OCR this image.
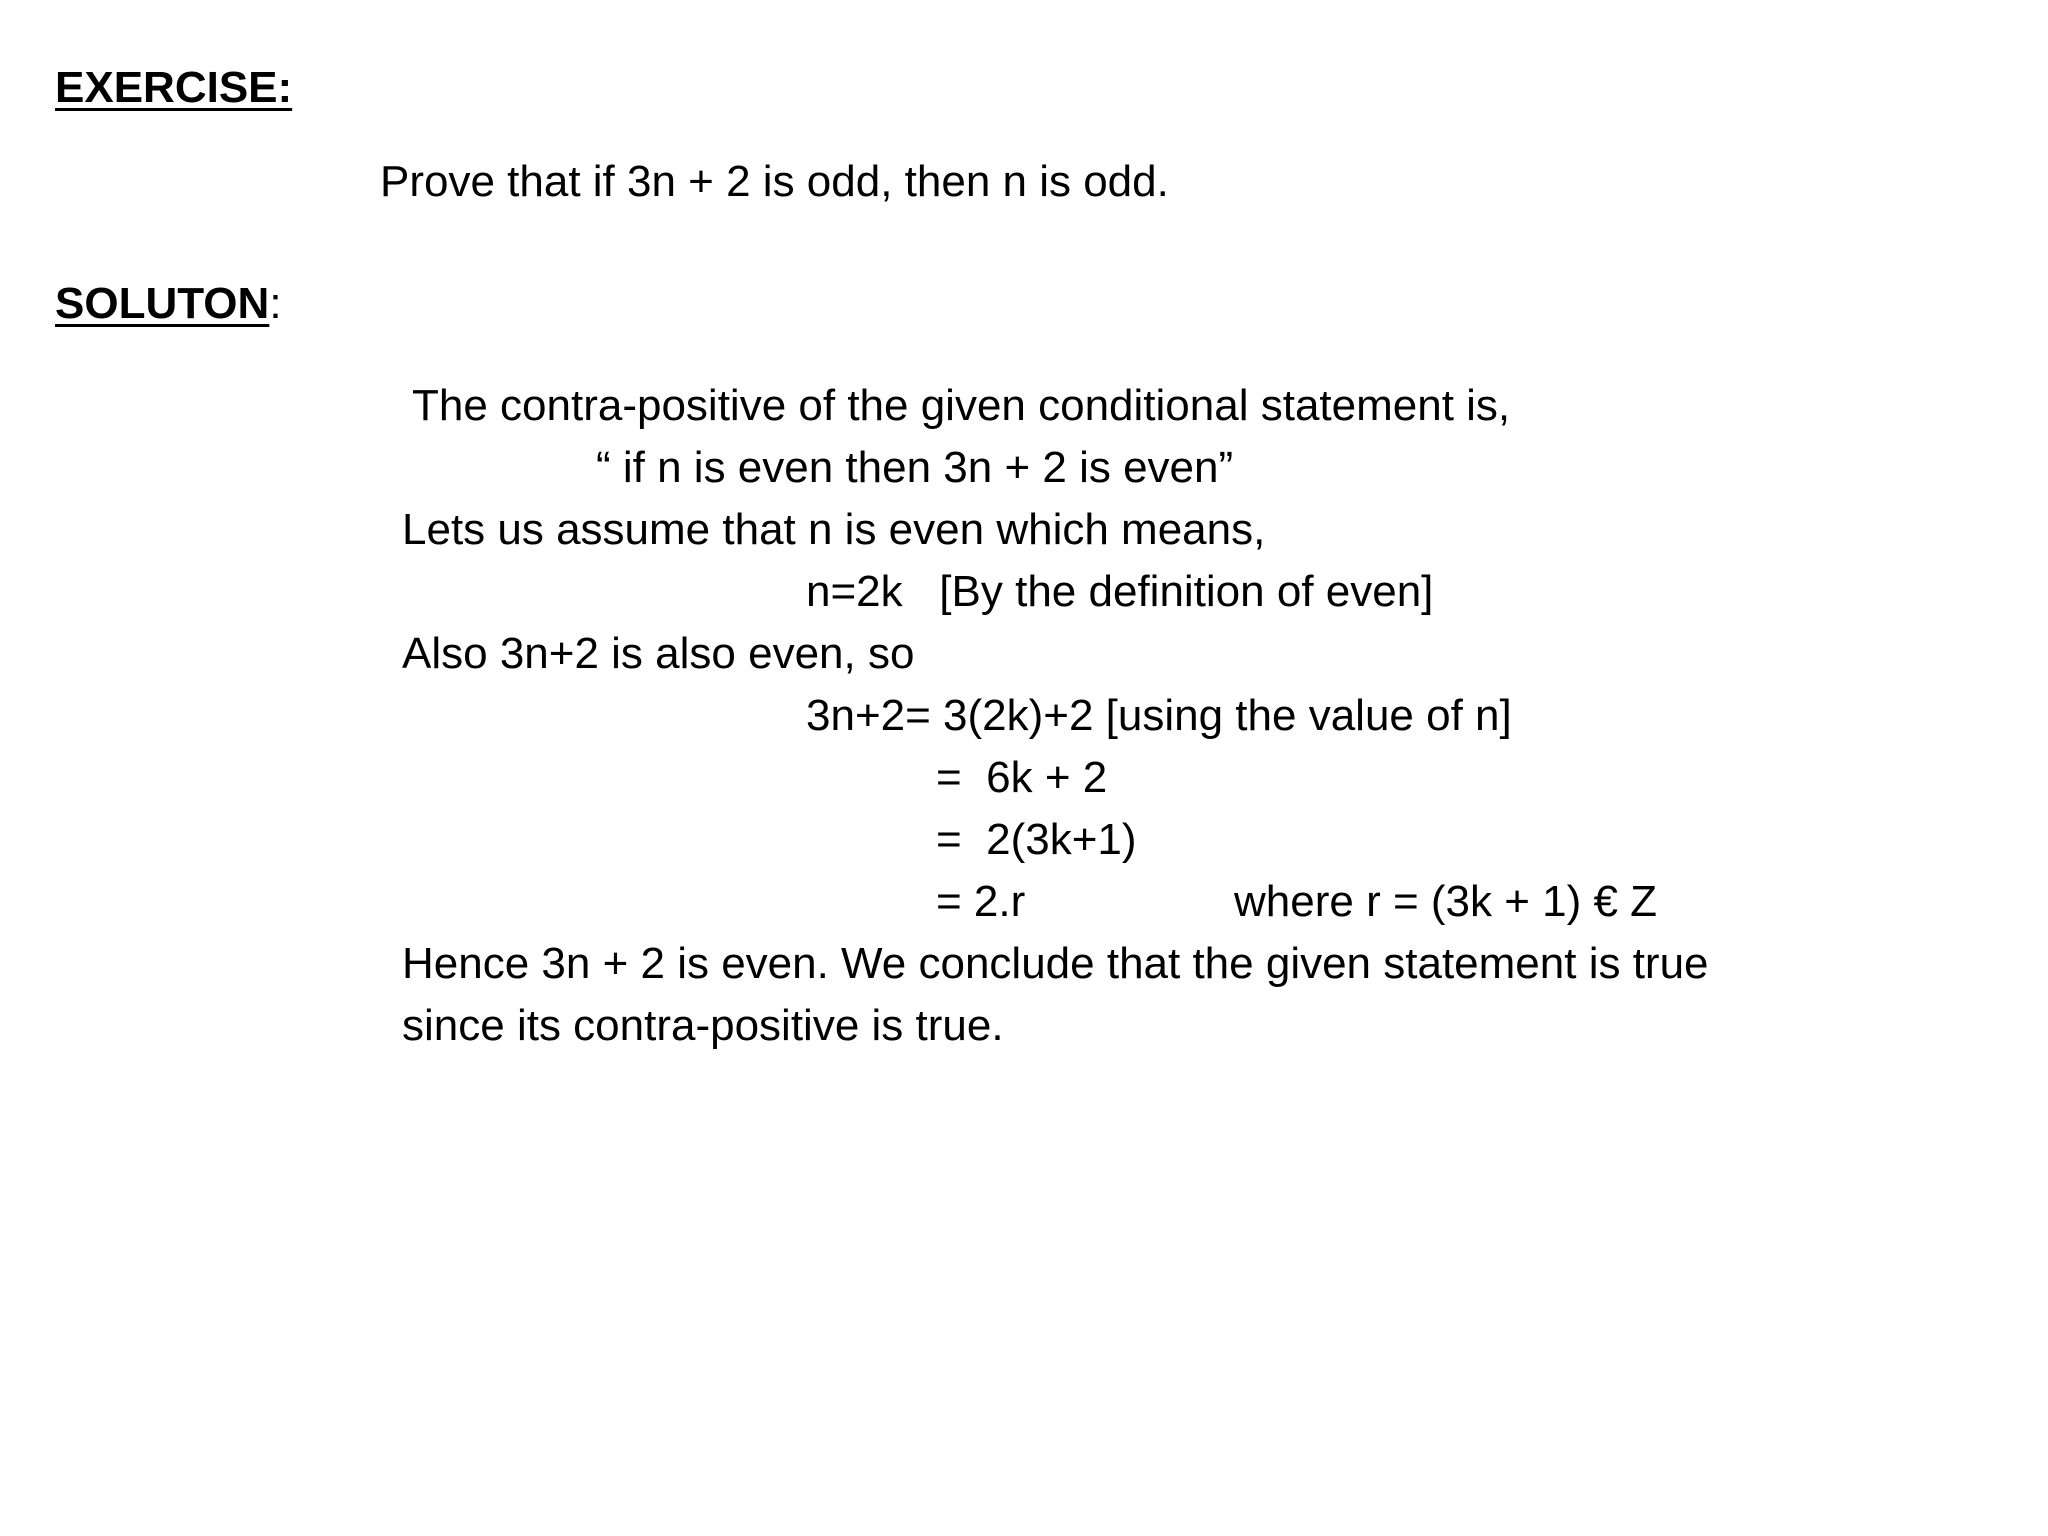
EXERCISE:
Prove that if 3n + 2 is odd, then n is odd.
SOLUTON:
The contra-positive of the given conditional statement is,
“ if n is even then 3n + 2 is even”
Lets us assume that n is even which means,
n=2k   [By the definition of even]
Also 3n+2 is also even, so
3n+2= 3(2k)+2 [using the value of n]
=  6k + 2
=  2(3k+1)
= 2.r	where r = (3k + 1) € Z
Hence 3n + 2 is even. We conclude that the given statement is true
since its contra-positive is true.
